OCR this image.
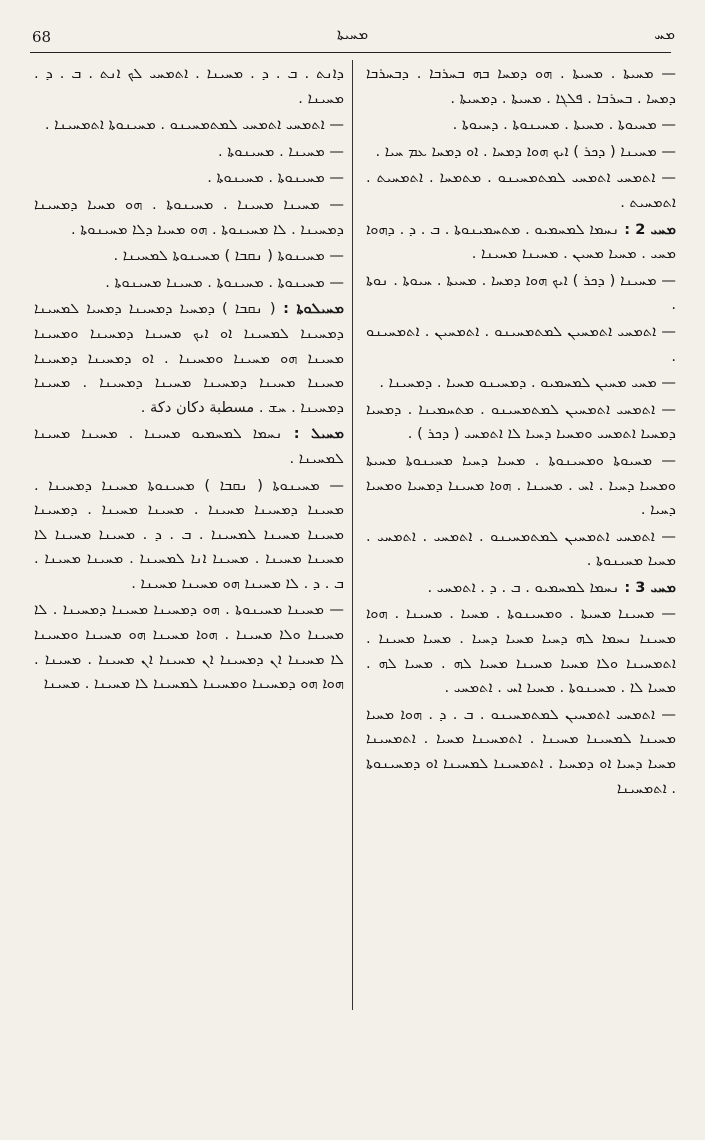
68	ܡܚܝܬܐ	ܡܚ
— ܡܚܝܬܐ . ܡܚܝܬܐ . ܗܘ ܕܡܚܐ ܒܗ ܒܚܪܒܐ . ܕܒܚܪܒܐ ܕܡܚܐ . ܒܚܪܒܐ . ܦܠܓܐ . ܡܚܝܬܐ . ܕܡܚܝܬܐ .
— ܡܚܝܘܬܐ . ܡܚܝܬܐ . ܡܚܝܢܘܬܐ . ܕܚܝܘܬܐ .
— ܡܚܝܢܐ ( ܕܟܪ ) ܐܝܟ ܗܘܐ ܕܡܚܐ . ܐܘ ܕܡܚܐ ܥܡ ܚܝܐ .
— ܐܬܡܚܝ ܐܬܡܚܝ ܠܡܬܡܚܝܢܘ . ܡܬܡܚܐ . ܐܬܡܚܝܬ . ܐܬܡܚܝܬ .
ܡܚܝ 2 : ܢܚܡܐ ܠܡܚܡܝܘ . ܡܬܚܡܝܢܘܬܐ . ܒ . ܕ . ܕܗܘܐ ܡܚܝ . ܡܚܝܐ ܡܚܝܢ . ܡܚܝܢܐ ܡܚܝܢܐ .
— ܡܚܝܢܐ ( ܕܟܪ ) ܐܝܟ ܗܘܐ ܕܡܚܐ . ܡܚܝܬܐ . ܚܝܘܬܐ . ܢܘܬܐ .
— ܐܬܡܚܝ ܐܬܡܚܝܢ ܠܡܬܡܚܝܢܘ . ܐܬܡܚܝܢ . ܐܬܡܚܝܢܘ .
— ܡܚܝ ܡܚܝܢ ܠܡܚܡܝܘ . ܕܡܚܝܢܘ ܡܚܝܐ . ܕܡܚܝܢܐ .
— ܐܬܡܚܝ ܐܬܡܚܝܢ ܠܡܬܡܚܝܢܘ . ܡܬܚܡܝܢܐ . ܕܡܚܝܐ ܕܡܚܝܐ ܐܬܡܚܝ ܘܡܚܝܐ ܕܚܝܐ ܠܐ ܐܬܡܚܝ ( ܕܟܪ ) .
— ܡܚܝܘܬܐ ܘܡܚܝܢܘܬܐ . ܡܚܝܐ ܕܚܝܐ ܡܚܝܢܘܬܐ ܡܚܝܬܐ ܘܡܚܝܐ ܕܚܝܐ . ܐܚ . ܡܚܝܢܐ . ܗܘܐ ܡܚܝܢܐ ܕܡܚܝܐ ܘܡܚܝܐ ܕܚܝܐ .
— ܐܬܡܚܝ ܐܬܡܚܝܢ ܠܡܬܡܚܝܢܘ . ܐܬܡܚܝ . ܐܬܡܚܝ . ܡܚܝܐ ܡܚܝܢܘܬܐ .
ܡܚܝ 3 : ܢܚܡܐ ܠܡܚܡܝܘ . ܒ . ܕ . ܐܬܡܚܝ .
— ܡܚܝܢܐ ܡܚܝܬܐ . ܘܡܚܝܢܘܬܐ . ܡܚܝܐ . ܡܚܝܢܐ . ܗܘܐ ܡܚܝܢܐ ܢܚܡܐ ܠܗ ܕܚܝܐ ܡܚܝܐ ܕܚܝܐ . ܡܚܝܐ ܡܚܝܢܐ . ܐܬܡܚܝܢܐ ܘܠܐ ܡܚܝܐ ܡܚܝܢܐ ܡܚܝܐ ܠܗ . ܡܚܝܐ ܠܗ . ܡܚܝܐ ܠܐ . ܡܚܝܢܘܬܐ . ܡܚܝܐ ܐܚ . ܐܬܡܚܝ .
— ܐܬܡܚܝ ܐܬܡܚܝܢ ܠܡܬܡܚܝܢܘ . ܒ . ܕ . ܗܘܐ ܡܚܝܐ ܡܚܝܢܐ ܠܡܚܝܢܐ ܡܚܝܢܐ . ܐܬܡܚܝܢܐ ܡܚܝܐ . ܐܬܡܚܝܢܐ ܡܚܝܐ ܕܚܝܐ ܐܘ ܕܡܚܝܐ . ܐܬܡܚܝܢܐ ܠܡܚܝܢܐ ܐܘ ܕܡܚܝܢܘܬܐ . ܐܬܡܚܝܢܐ
ܕܐܢܬ . ܒ . ܕ . ܡܚܝܢܐ . ܐܬܡܚܝ ܠܟ ܐܢܬ . ܒ . ܕ . ܡܚܝܢܐ .
— ܐܬܡܚܝ ܐܬܡܚܝ ܠܡܬܡܚܝܢܘ . ܡܚܝܢܘܬܐ ܐܬܡܚܝܢܐ .
— ܡܚܝܢܐ . ܡܚܝܢܘܬܐ .
— ܡܚܝܢܘܬܐ . ܡܚܝܢܘܬܐ .
— ܡܚܝܢܐ ܡܚܝܢܐ . ܡܚܝܢܘܬܐ . ܗܘ ܡܚܝܐ ܕܡܚܝܢܐ ܕܡܚܝܢܐ . ܠܐ ܡܚܝܢܘܬܐ . ܗܘ ܡܚܝܐ ܕܠܐ ܡܚܝܢܘܬܐ .
— ܡܚܝܢܘܬܐ ( ܢܩܒܐ ) ܡܚܝܢܘܬܐ ܠܡܚܝܢܐ .
— ܡܚܝܢܘܬܐ . ܡܚܝܢܘܬܐ . ܡܚܝܢܐ ܡܚܝܢܘܬܐ .
ܡܚܝܠܘܬܐ : ( ܢܩܒܐ ) ܕܡܚܝܐ ܕܡܚܝܢܐ ܕܡܚܝܐ ܠܡܚܝܢܐ ܕܡܚܝܢܐ ܠܡܚܝܢܐ ܐܘ ܐܝܟ ܡܚܝܢܐ ܕܡܚܝܢܐ ܘܡܚܝܢܐ ܡܚܝܢܐ ܗܘ ܡܚܝܢܐ ܘܡܚܝܢܐ . ܐܘ ܕܡܚܝܢܐ ܕܡܚܝܢܐ ܡܚܝܢܐ ܡܚܝܢܐ ܕܡܚܝܢܐ ܡܚܝܢܐ ܕܡܚܝܢܐ . ܡܚܝܢܐ ܕܡܚܝܢܐ . ܚܫ . مسطبة دكان دكة .
ܡܚܝܠ : ܢܚܡܐ ܠܡܚܡܝܘ ܡܚܝܢܐ . ܡܚܝܢܐ ܡܚܝܢܐ ܠܡܚܝܢܐ .
— ܡܚܝܢܘܬܐ ( ܢܩܒܐ ) ܡܚܝܢܘܬܐ ܡܚܝܢܐ ܕܡܚܝܢܐ . ܡܚܝܢܐ ܕܡܚܝܢܐ ܡܚܝܢܐ . ܡܚܝܢܐ ܡܚܝܢܐ . ܕܡܚܝܢܐ ܡܚܝܢܐ ܡܚܝܢܐ ܠܡܚܝܢܐ . ܒ . ܕ . ܡܚܝܢܐ ܡܚܝܢܐ ܠܐ ܡܚܝܢܐ ܡܚܝܢܐ . ܡܚܝܢܐ ܐܢܐ ܠܡܚܝܢܐ . ܡܚܝܢܐ ܡܚܝܢܐ . ܒ . ܕ . ܠܐ ܡܚܝܢܐ ܗܘ ܡܚܝܢܐ ܡܚܝܢܐ .
— ܡܚܝܢܐ ܡܚܝܢܘܬܐ . ܗܘ ܕܡܚܝܢܐ ܡܚܝܢܐ ܕܡܚܝܢܐ . ܠܐ ܡܚܝܢܐ ܘܠܐ ܡܚܝܢܐ . ܗܘܐ ܡܚܝܢܐ ܗܘ ܡܚܝܢܐ ܘܡܚܝܢܐ ܠܐ ܡܚܝܢܐ ܐܢ ܕܡܚܝܢܐ ܐܢ ܡܚܝܢܐ ܐܢ ܡܚܝܢܐ . ܡܚܝܢܐ . ܗܘܐ ܗܘ ܕܡܚܝܢܐ ܘܡܚܝܢܐ ܠܡܚܝܢܐ ܠܐ ܡܚܝܢܐ . ܡܚܝܢܐ
